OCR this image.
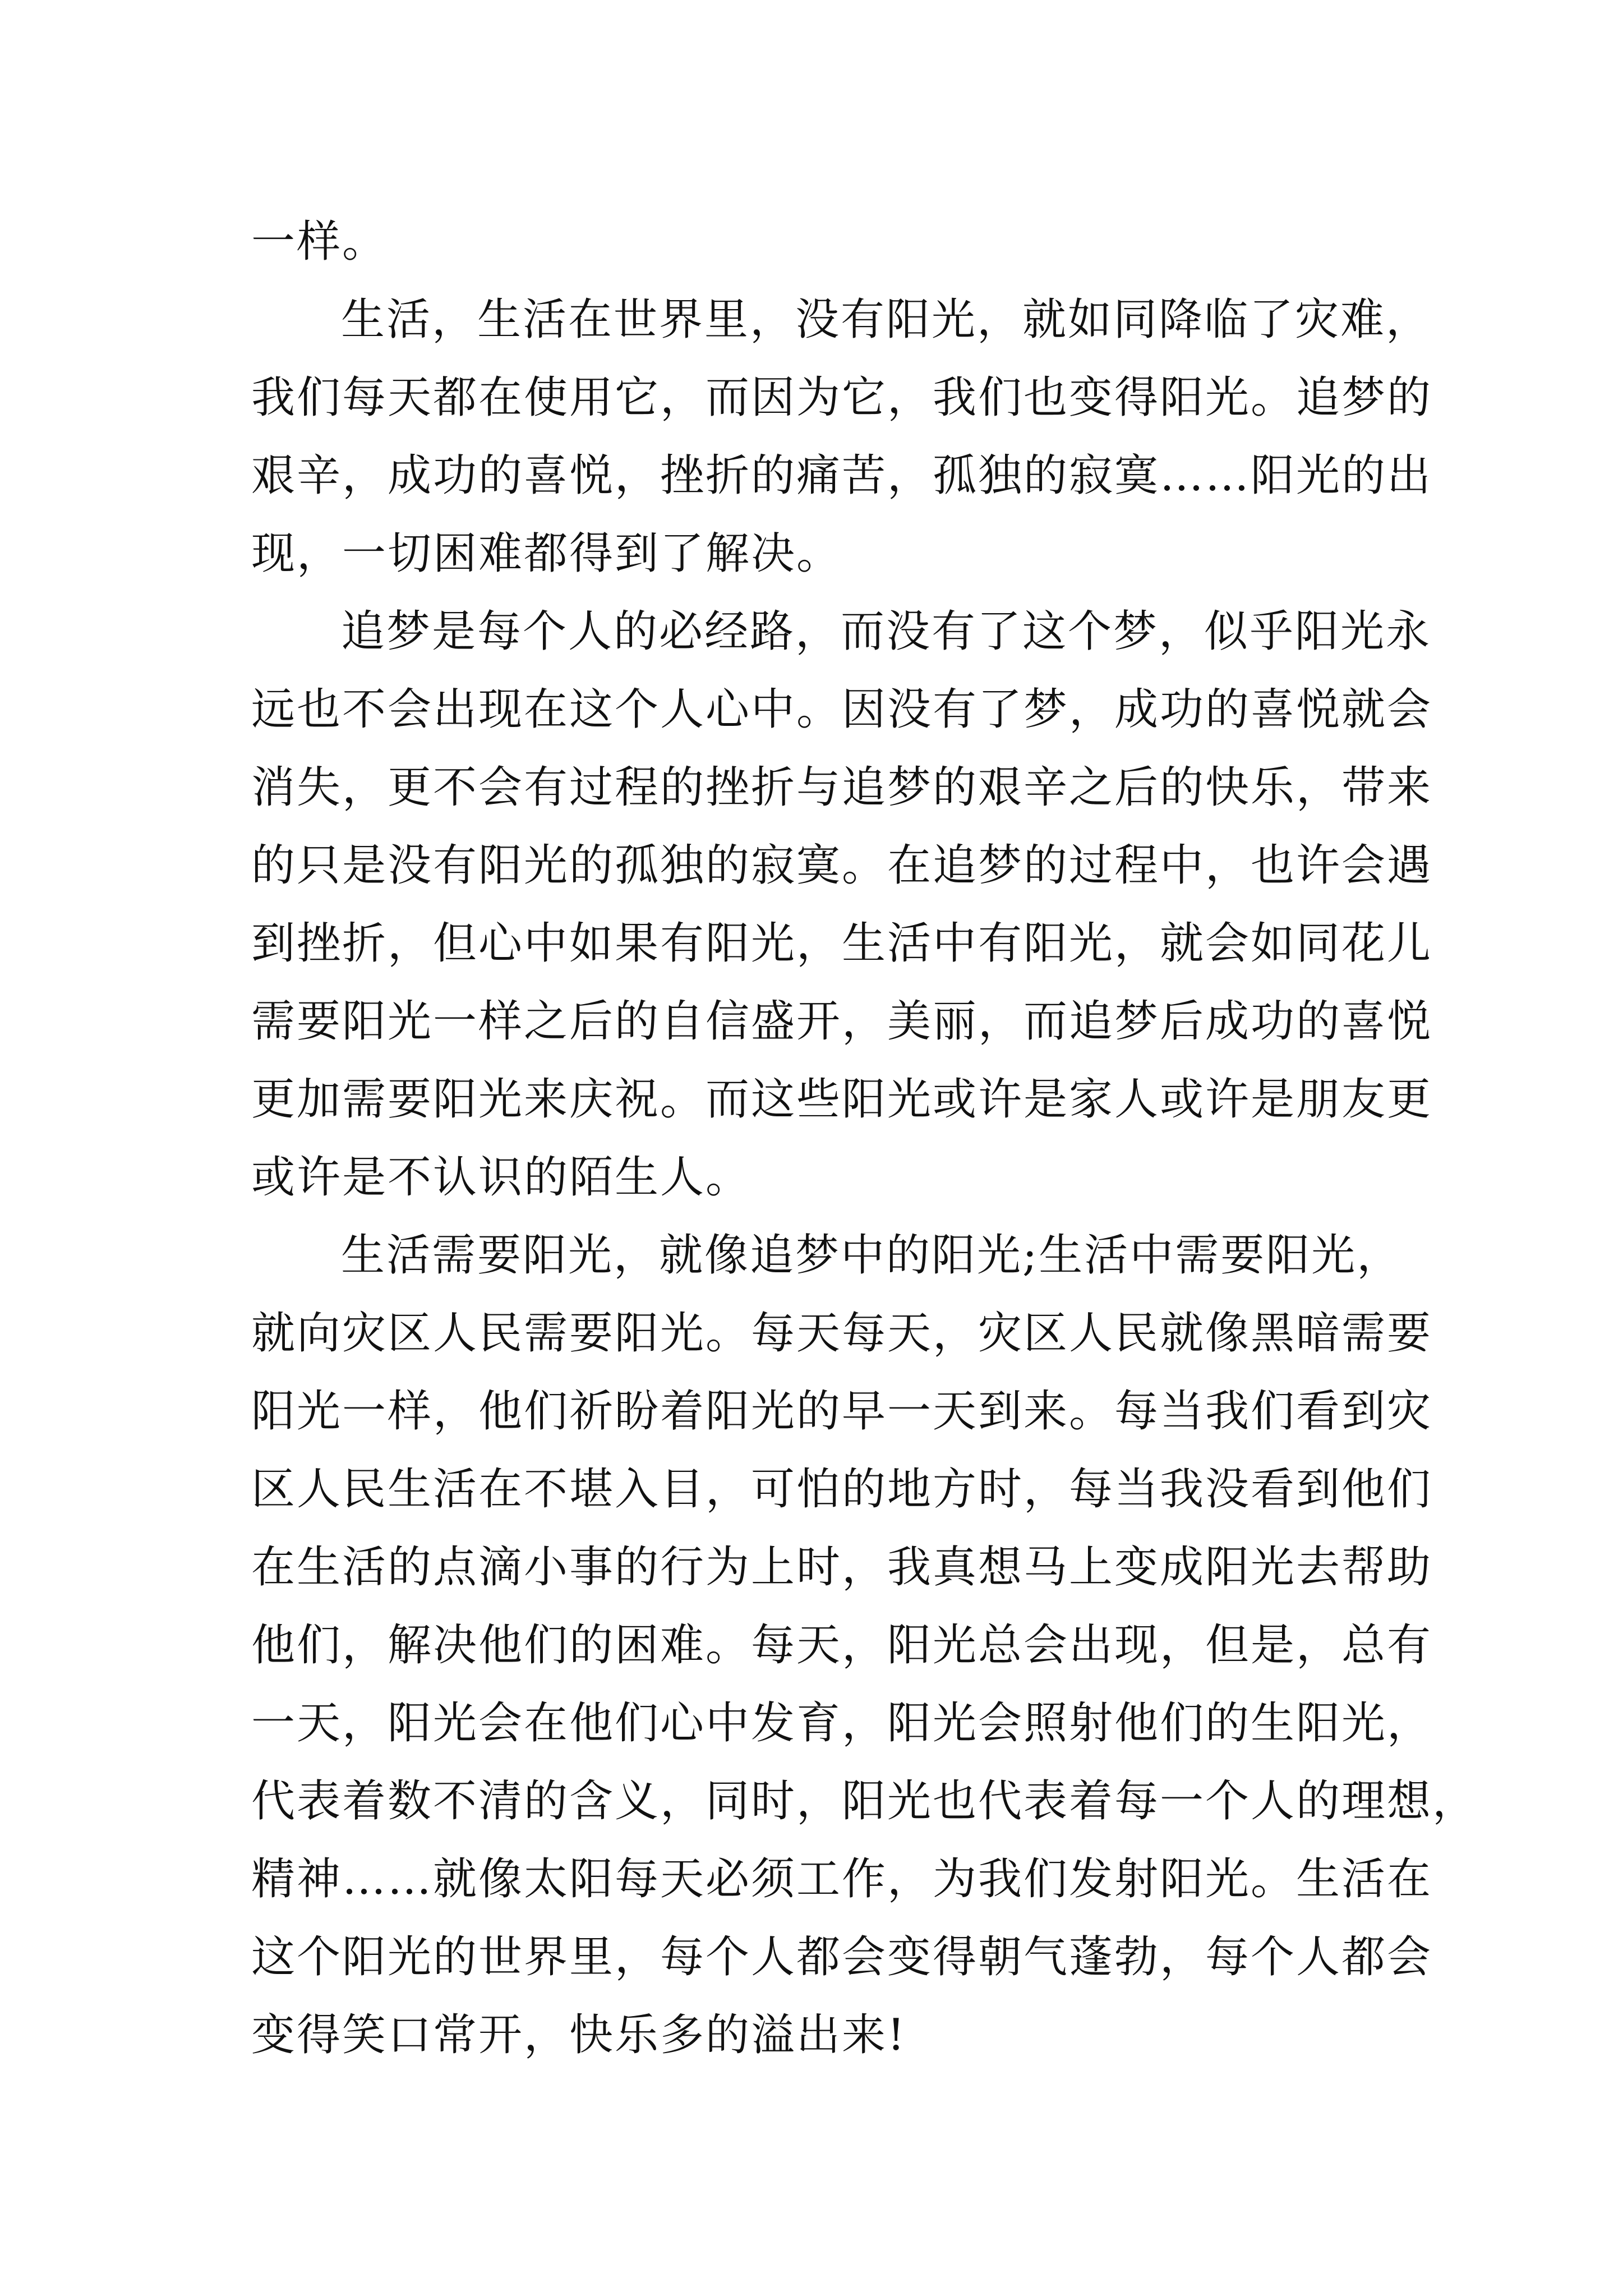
一样。

生活，生活在世界里，没有阳光，就如同降临了灾难，
我们每天都在使用它，而因为它，我们也变得阳光。追梦的
艰辛，成功的喜悦，挫折的痛苦，孤独的寂寞……阳光的出
现，一切困难都得到了解决。

追梦是每个人的必经路，而没有了这个梦，似乎阳光永
远也不会出现在这个人心中。因没有了梦，成功的喜悦就会
消失，更不会有过程的挫折与追梦的艰辛之后的快乐，带来
的只是没有阳光的孤独的寂寞。在追梦的过程中，也许会遇
到挫折，但心中如果有阳光，生活中有阳光，就会如同花儿
需要阳光一样之后的自信盛开，美丽，而追梦后成功的喜悦
更加需要阳光来庆祝。而这些阳光或许是家人或许是朋友更
或许是不认识的陌生人。

生活需要阳光，就像追梦中的阳光;生活中需要阳光，
就向灾区人民需要阳光。每天每天，灾区人民就像黑暗需要
阳光一样，他们祈盼着阳光的早一天到来。每当我们看到灾
区人民生活在不堪入目，可怕的地方时，每当我没看到他们
在生活的点滴小事的行为上时，我真想马上变成阳光去帮助
他们，解决他们的困难。每天，阳光总会出现，但是，总有
一天，阳光会在他们心中发育，阳光会照射他们的生阳光，
代表着数不清的含义，同时，阳光也代表着每一个人的理想，
精神……就像太阳每天必须工作，为我们发射阳光。生活在
这个阳光的世界里，每个人都会变得朝气蓬勃，每个人都会
变得笑口常开，快乐多的溢出来!
